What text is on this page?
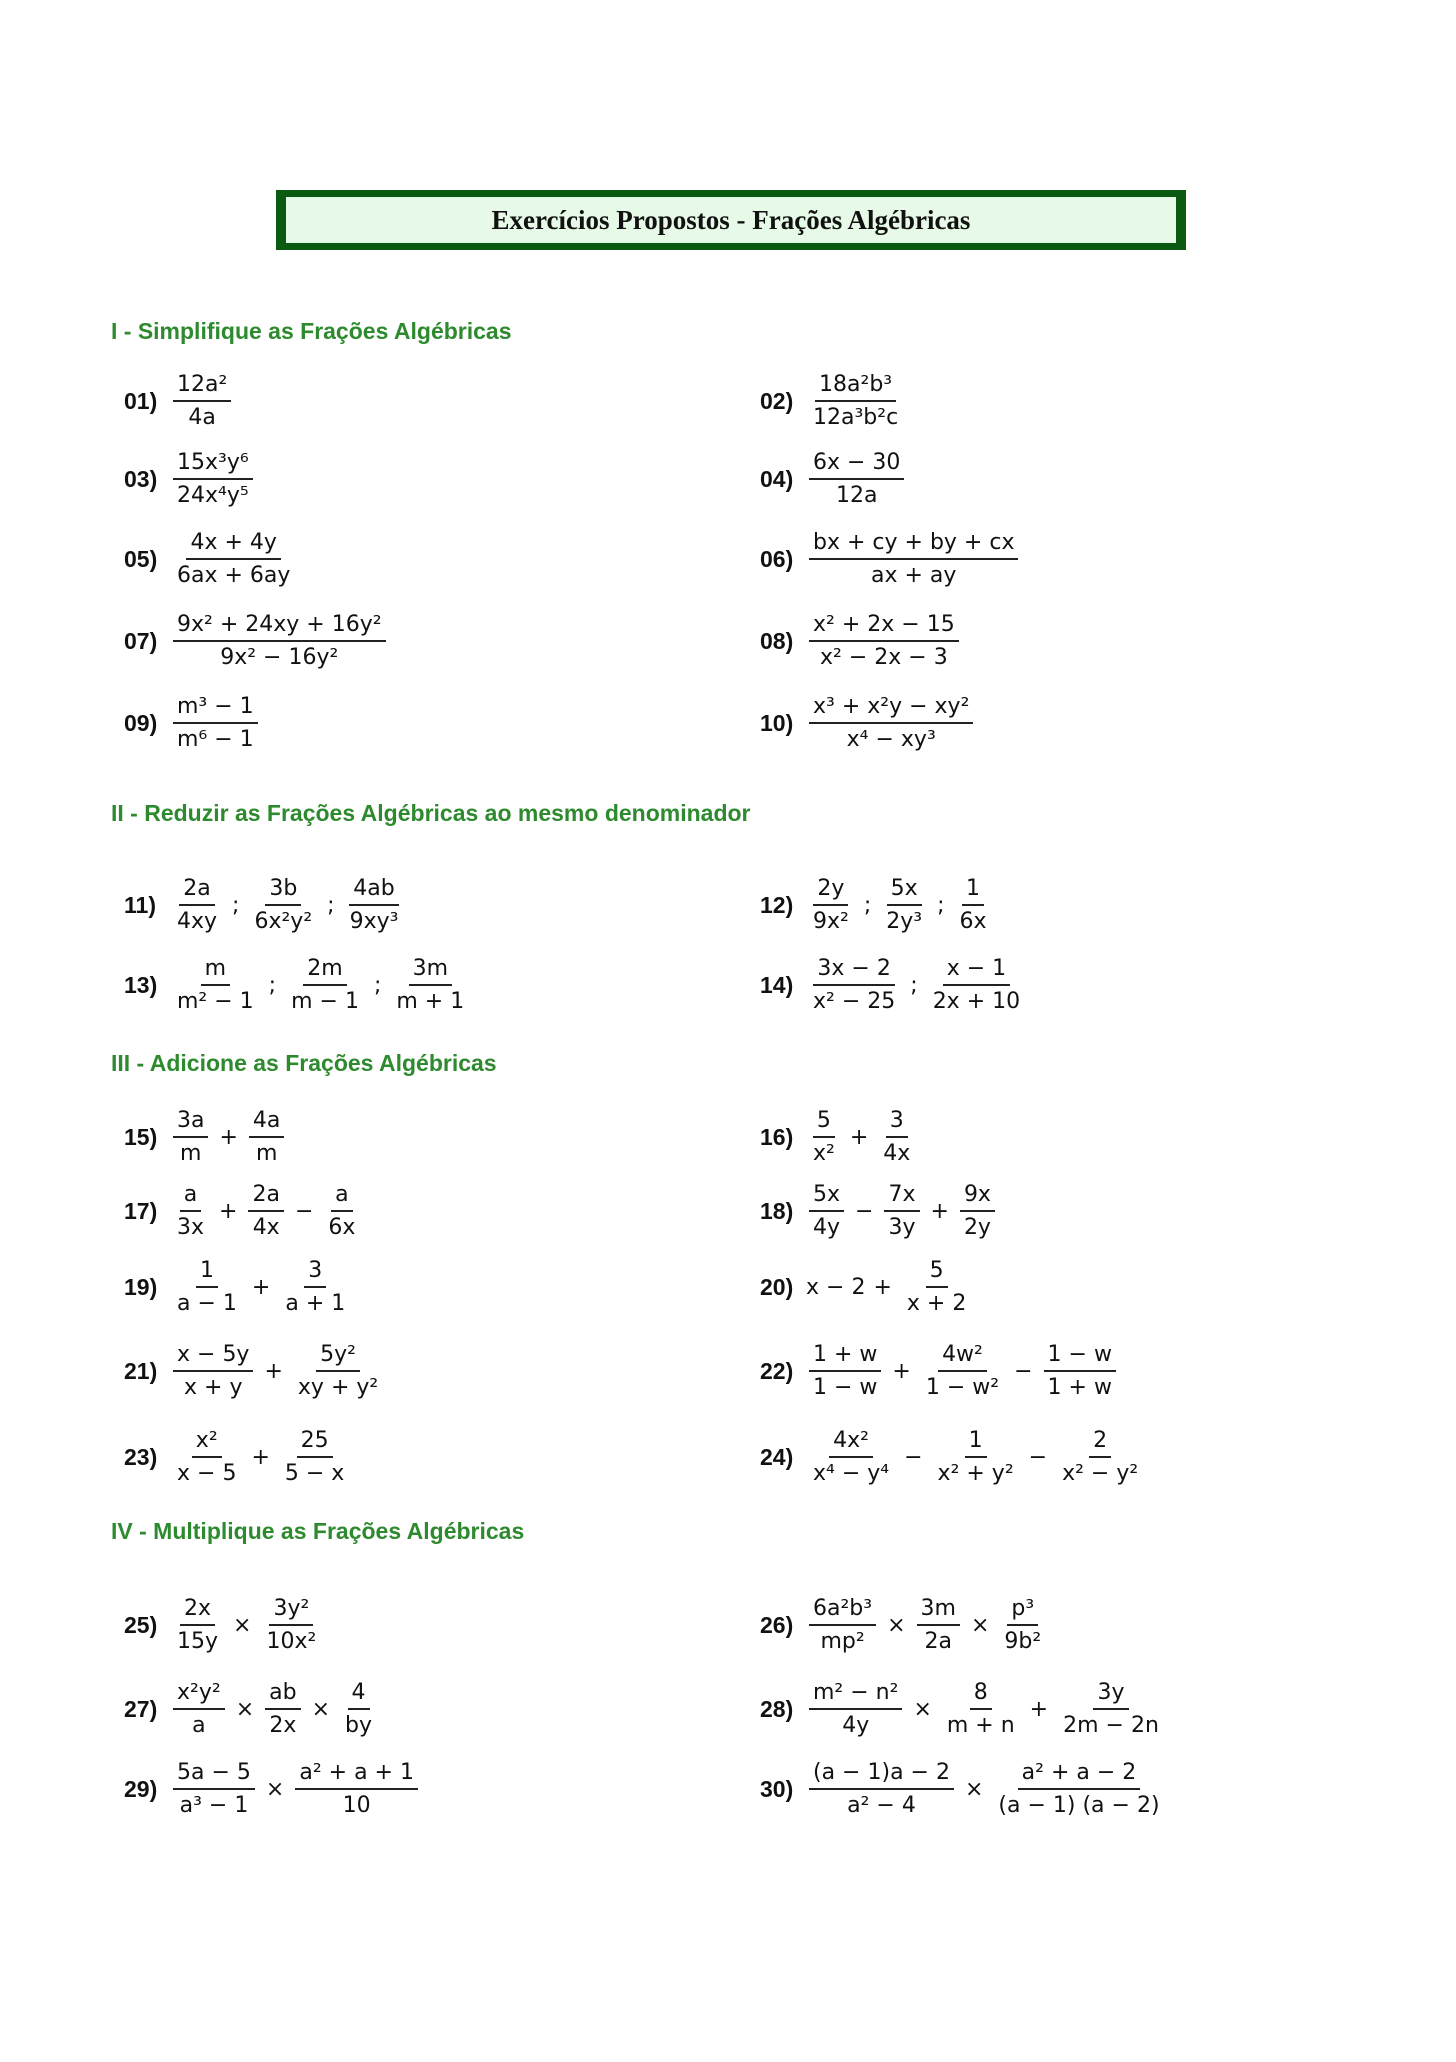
Exercícios Propostos - Frações Algébricas
I - Simplifique as Frações Algébricas
II - Reduzir as Frações Algébricas ao mesmo denominador
III - Adicione as Frações Algébricas
IV - Multiplique as Frações Algébricas
$01) \frac{\text{12a²}}{4a}$	$02) \frac{\text{18a²b³}}{\text{12a³b²c}}$
$03) \frac{\text{15x³y⁶}}{\text{24x⁴y⁵}}$	$04) \frac{6x - 30}{12a}$
$05) \frac{4x + 4y}{6ax + 6ay}$	$06) \frac{bx + cy + by + cx}{ax + ay}$
$07) \frac{\text{9x² + 24xy + 16y²}}{\text{9x² − 16y²}}$	$08) \frac{\text{x² + 2x − 15}}{\text{x² − 2x − 3}}$
$09) \frac{\text{m³ − 1}}{\text{m⁶ − 1}}$	$10) \frac{\text{x³ + x²y − xy²}}{\text{x⁴ − xy³}}$
$11) \frac{2a}{4xy}$ ; $\frac{3b}{\text{6x²y²}}$ ; $\frac{4ab}{\text{9xy³}}$	$12) \frac{2y}{\text{9x²}}$ ; $\frac{5x}{\text{2y³}}$ ; $\frac{1}{6x}$
$13) \frac{m}{\text{m² − 1}}$ ; $\frac{2m}{m - 1}$ ; $\frac{3m}{m + 1}$	$14) \frac{3x - 2}{\text{x² − 25}}$ ; $\frac{x - 1}{2x + 10}$
$15) \frac{3a}{m} + \frac{4a}{m}$	$16) \frac{5}{\text{x²}} + \frac{3}{4x}$
$17) \frac{a}{3x} + \frac{2a}{4x} - \frac{a}{6x}$	$18) \frac{5x}{4y} - \frac{7x}{3y} + \frac{9x}{2y}$
$19) \frac{1}{a - 1} + \frac{3}{a + 1}$	20) $x - 2 + \frac{5}{x + 2}$
$21) \frac{x - 5y}{x + y} + \frac{\text{5y²}}{\text{xy + y²}}$	$22) \frac{1 + w}{1 - w} + \frac{\text{4w²}}{\text{1 − w²}} - \frac{1 - w}{1 + w}$
$23) \frac{\text{x²}}{x - 5} + \frac{25}{5 - x}$	$24) \frac{\text{4x²}}{\text{x⁴ − y⁴}} - \frac{1}{\text{x² + y²}} - \frac{2}{\text{x² − y²}}$
$25) \frac{2x}{15y} \times \frac{\text{3y²}}{\text{10x²}}$	$26) \frac{\text{6a²b³}}{\text{mp²}} \times \frac{3m}{2a} \times \frac{\text{p³}}{\text{9b²}}$
$27) \frac{\text{x²y²}}{a} \times \frac{ab}{2x} \times \frac{4}{by}$	$28) \frac{\text{m² − n²}}{4y} \times \frac{8}{m + n} + \frac{3y}{2m - 2n}$
$29) \frac{5a - 5}{\text{a³ − 1}} \times \frac{\text{a² + a + 1}}{10}$	$30) \frac{(a - 1)a - 2}{\text{a² − 4}} \times \frac{\text{a² + a − 2}}{(a - 1) (a - 2)}$
